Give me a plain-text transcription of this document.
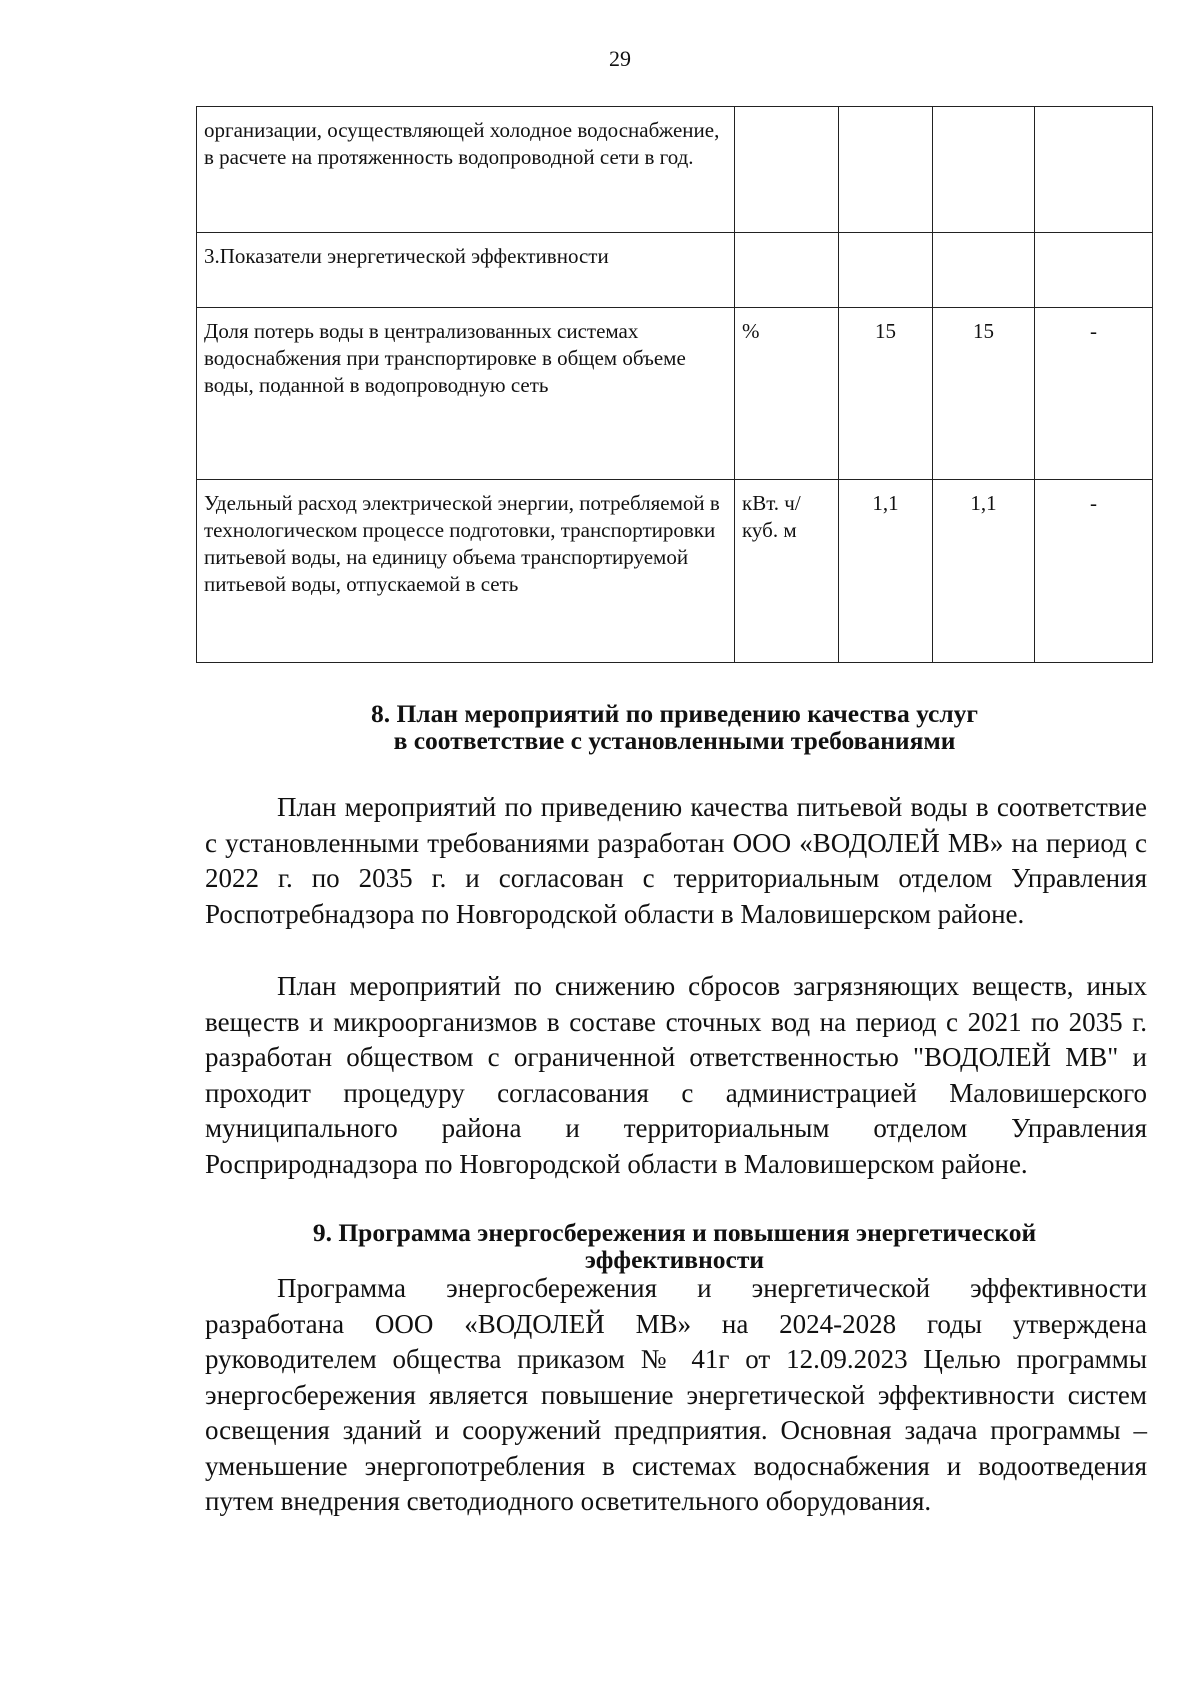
29
организации, осуществляющей холодное водоснабжение, в расчете на протяженность водопроводной сети в год.				
3.Показатели энергетической эффективности				
Доля потерь воды в централизованных системах водоснабжения при транспортировке в общем объеме воды, поданной в водопроводную сеть	%	15	15	-
Удельный расход электрической энергии, потребляемой в технологическом процессе подготовки, транспортировки питьевой воды, на единицу объема транспортируемой питьевой воды, отпускаемой в сеть	кВт. ч/ куб. м	1,1	1,1	-
8. План мероприятий по приведению качества услуг
в соответствие с установленными требованиями

План мероприятий по приведению качества питьевой воды в соответствие с установленными требованиями разработан ООО «ВОДОЛЕЙ МВ» на период с 2022 г. по 2035 г. и согласован с территориальным отделом Управления Роспотребнадзора по Новгородской области в Маловишерском районе.

План мероприятий по снижению сбросов загрязняющих веществ, иных веществ и микроорганизмов в составе сточных вод на период с 2021 по 2035 г. разработан обществом с ограниченной ответственностью "ВОДОЛЕЙ МВ" и проходит процедуру согласования с администрацией Маловишерского муниципального района и территориальным отделом Управления Росприроднадзора по Новгородской области в Маловишерском районе.

9. Программа энергосбережения и повышения энергетической
эффективности

Программа энергосбережения и энергетической эффективности разработана ООО «ВОДОЛЕЙ МВ» на 2024-2028 годы утверждена руководителем общества приказом № 41г от 12.09.2023 Целью программы энергосбережения является повышение энергетической эффективности систем освещения зданий и сооружений предприятия. Основная задача программы – уменьшение энергопотребления в системах водоснабжения и водоотведения путем внедрения светодиодного осветительного оборудования.
